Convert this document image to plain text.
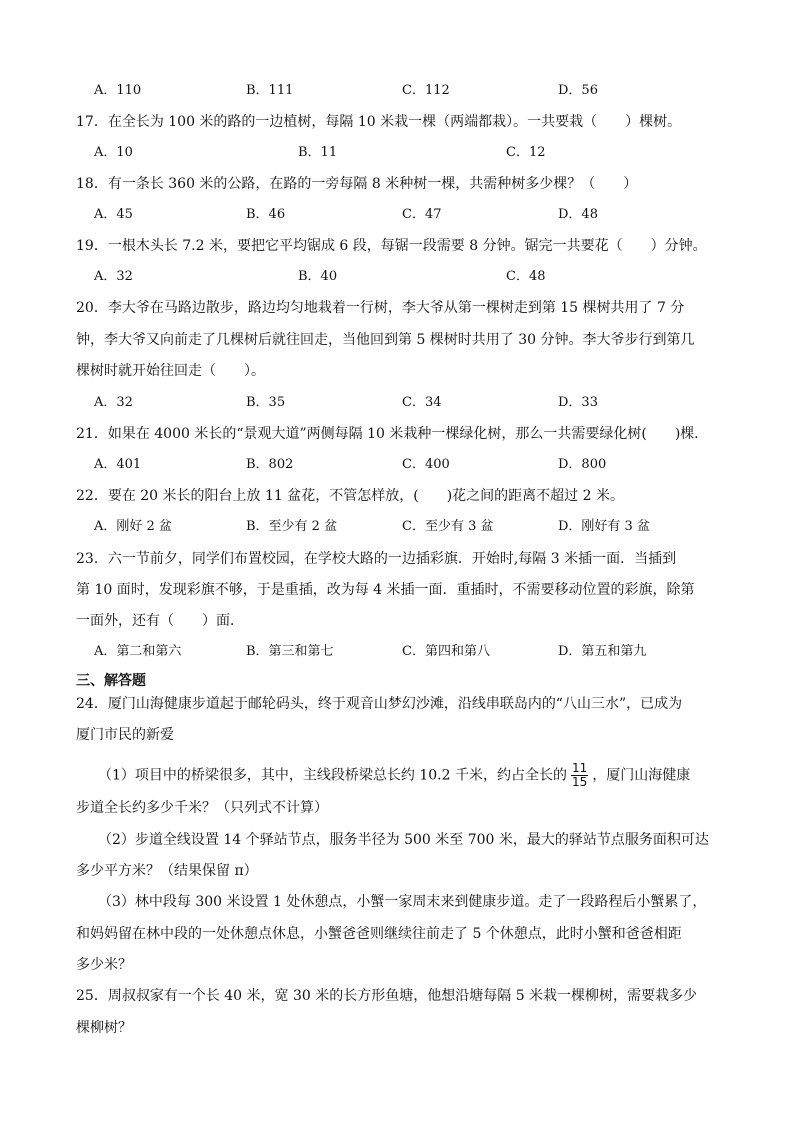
A．110	B．111	C．112	D．56
17．在全长为 100 米的路的一边植树，每隔 10 米栽一棵（两端都栽）。一共要栽（　　）棵树。
A．10	B．11	C．12
18．有一条长 360 米的公路，在路的一旁每隔 8 米种树一棵，共需种树多少棵？（　　）
A．45	B．46	C．47	D．48
19．一根木头长 7.2 米，要把它平均锯成 6 段，每锯一段需要 8 分钟。锯完一共要花（　　）分钟。
A．32	B．40	C．48
20．李大爷在马路边散步，路边均匀地栽着一行树，李大爷从第一棵树走到第 15 棵树共用了 7 分
钟，李大爷又向前走了几棵树后就往回走，当他回到第 5 棵树时共用了 30 分钟。李大爷步行到第几
棵树时就开始往回走（　　）。
A．32	B．35	C．34	D．33
21．如果在 4000 米长的“景观大道”两侧每隔 10 米栽种一棵绿化树，那么一共需要绿化树(　　)棵．
A．401	B．802	C．400	D．800
22．要在 20 米长的阳台上放 11 盆花，不管怎样放，(　　)花之间的距离不超过 2 米。
A．刚好 2 盆	B．至少有 2 盆	C．至少有 3 盆	D．刚好有 3 盆
23．六一节前夕，同学们布置校园，在学校大路的一边插彩旗．开始时,每隔 3 米插一面．当插到
第 10 面时，发现彩旗不够，于是重插，改为每 4 米插一面．重插时，不需要移动位置的彩旗，除第
一面外，还有（　　）面．
A．第二和第六	B．第三和第七	C．第四和第八	D．第五和第九
三、解答题
24．厦门山海健康步道起于邮轮码头，终于观音山梦幻沙滩，沿线串联岛内的“八山三水”，已成为
厦门市民的新爱
（1）项目中的桥梁很多，其中，主线段桥梁总长约 10.2 千米，约占全长的 $\frac{11}{15}$ ，厦门山海健康
步道全长约多少千米？（只列式不计算）
（2）步道全线设置 14 个驿站节点，服务半径为 500 米至 700 米，最大的驿站节点服务面积可达
多少平方米？（结果保留 π）
（3）林中段每 300 米设置 1 处休憩点，小蟹一家周末来到健康步道。走了一段路程后小蟹累了，
和妈妈留在林中段的一处休憩点休息，小蟹爸爸则继续往前走了 5 个休憩点，此时小蟹和爸爸相距
多少米？
25．周叔叔家有一个长 40 米，宽 30 米的长方形鱼塘，他想沿塘每隔 5 米栽一棵柳树，需要栽多少
棵柳树？
